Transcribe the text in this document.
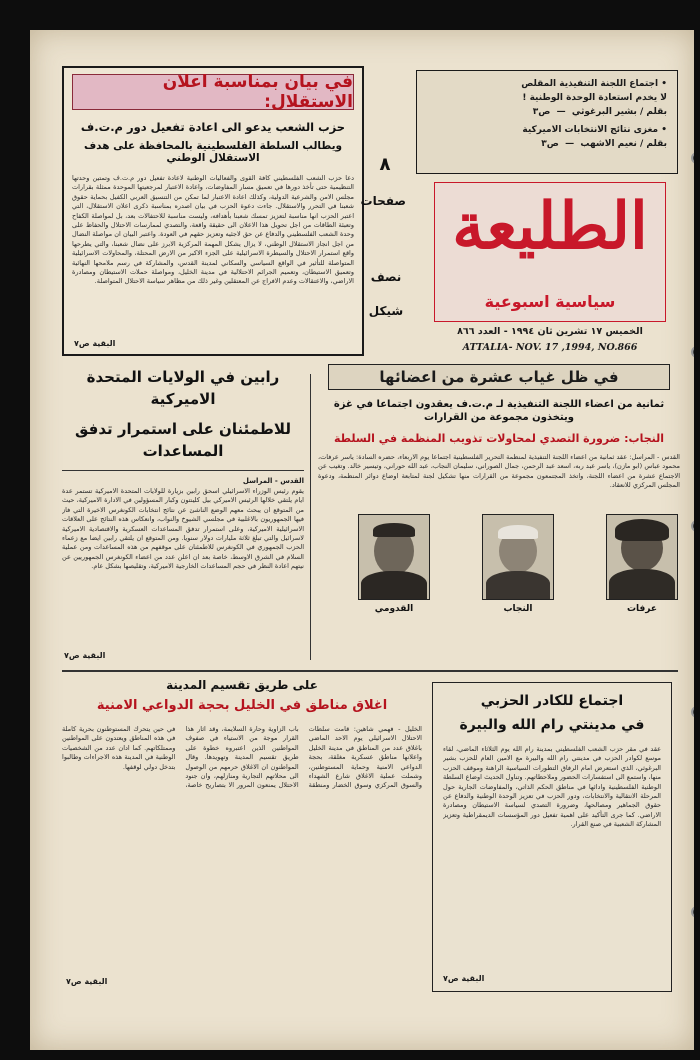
في بيان بمناسبة اعلان الاستقلال:
حزب الشعب يدعو الى اعادة تفعيل دور م.ت.ف
ويطالب السلطة الفلسطينية بالمحافظة على هدف الاستقلال الوطني
دعا حزب الشعب الفلسطيني كافة القوى والفعاليات الوطنية لاعادة تفعيل دور م.ت.ف وتمتين وحدتها التنظيمية حتى تأخذ دورها في تعميق مسار المفاوضات، واعادة الاعتبار لمرجعيتها الموحدة ممثلة بقرارات مجلس الامن والشرعية الدولية، وكذلك اعادة الاعتبار لما تمكن من التنسيق العربي الكفيل بحماية حقوق شعبنا في التحرر والاستقلال. جاءت دعوة الحزب في بيان اصدره بمناسبة ذكرى اعلان الاستقلال، التي اعتبر الحزب انها مناسبة لتعزيز تمسك شعبنا بأهدافه، وليست مناسبة للاحتفالات بعد، بل لمواصلة الكفاح وتعبئة الطاقات من اجل تحويل هذا الاعلان الى حقيقة واقعة، والتصدي لممارسات الاحتلال والحفاظ على وحدة الشعب الفلسطيني والدفاع عن حق لاجئيه وتعزيز حقهم في العودة. واعتبر البيان ان مواصلة النضال من اجل انجاز الاستقلال الوطني، لا يزال يشكل المهمة المركزية الابرز على نضال شعبنا، والتي يطرحها واقع استمرار الاحتلال والسيطرة الاسرائيلية على الجزء الاكبر من الارض المحتلة، والمحاولات الاسرائيلية المتواصلة للتأثير في الواقع السياسي والسكاني لمدينة القدس، والمشاركة في رسم ملامحها النهائية وتعميق الاستيطان، وتعميم الجرائم الاحتلالية في مدينة الخليل، ومواصلة حملات الاستيطان ومصادرة الاراضي، والاعتقالات وعدم الافراج عن المعتقلين وغير ذلك من مظاهر سياسة الاحتلال المتواصلة.
البقية ص٧
٨
صفحات
نصف
شيكل
• اجتماع اللجنة التنفيذية المقلص
لا يخدم استعادة الوحدة الوطنية !
بقلم / بشير البرغوثي  —  ص٣
• مغزى نتائج الانتخابات الاميركية
بقلم / نعيم الاشهب  —  ص٣
الطليعة
سياسية اسبوعية
الخميس ١٧ تشرين ثان ١٩٩٤ - العدد ٨٦٦
ATTALIA- NOV. 17 ,1994, NO.866
رابين في الولايات المتحدة الاميركية
للاطمئنان على استمرار تدفق المساعدات
القدس - المراسل
يقوم رئيس الوزراء الاسرائيلي اسحق رابين بزيارة للولايات المتحدة الاميركية تستمر عدة ايام يلتقي خلالها الرئيس الاميركي بيل كلينتون وكبار المسؤولين في الادارة الاميركية، حيث من المتوقع ان يبحث معهم الوضع الناشئ عن نتائج انتخابات الكونغرس الاخيرة التي فاز فيها الجمهوريون بالاغلبية في مجلسي الشيوخ والنواب، وانعكاس هذه النتائج على العلاقات الاسرائيلية الاميركية، وعلى استمرار تدفق المساعدات العسكرية والاقتصادية الاميركية لاسرائيل والتي تبلغ ثلاثة مليارات دولار سنويا. ومن المتوقع ان يلتقي رابين ايضا مع زعماء الحزب الجمهوري في الكونغرس للاطمئنان على موقفهم من هذه المساعدات ومن عملية السلام في الشرق الاوسط، خاصة بعد ان اعلن عدد من اعضاء الكونغرس الجمهوريين عن نيتهم اعادة النظر في حجم المساعدات الخارجية الاميركية، وتقليصها بشكل عام.
البقية ص٧
في ظل غياب عشرة من اعضائها
ثمانية من اعضاء اللجنة التنفيذية لـ م.ت.ف يعقدون اجتماعا في غزة ويتخذون مجموعة من القرارات
النجاب: ضرورة التصدي لمحاولات تذويب المنظمة في السلطة
القدس - المراسل: عقد ثمانية من اعضاء اللجنة التنفيذية لمنظمة التحرير الفلسطينية اجتماعا يوم الاربعاء، حضره السادة: ياسر عرفات، محمود عباس (ابو مازن)، ياسر عبد ربه، اسعد عبد الرحمن، جمال الصوراني، سليمان النجاب، عبد الله حوراني، وتيسير خالد. وتغيب عن الاجتماع عشرة من اعضاء اللجنة، واتخذ المجتمعون مجموعة من القرارات منها تشكيل لجنة لمتابعة اوضاع دوائر المنظمة، ودعوة المجلس المركزي للانعقاد.
عرفات
النجاب
القدومي
على طريق تقسيم المدينة
اغلاق مناطق في الخليل بحجة الدواعي الامنية
الخليل - فهمي شاهين: قامت سلطات الاحتلال الاسرائيلي يوم الاحد الماضي باغلاق عدد من المناطق في مدينة الخليل واعلانها مناطق عسكرية مغلقة، بحجة الدواعي الامنية وحماية المستوطنين، وشملت عملية الاغلاق شارع الشهداء والسوق المركزي وسوق الخضار ومنطقة باب الزاوية وحارة السلايمة، وقد اثار هذا القرار موجة من الاستياء في صفوف المواطنين الذين اعتبروه خطوة على طريق تقسيم المدينة وتهويدها. وقال المواطنون ان الاغلاق حرمهم من الوصول الى محلاتهم التجارية ومنازلهم، وان جنود الاحتلال يمنعون المرور الا بتصاريح خاصة، في حين يتحرك المستوطنون بحرية كاملة في هذه المناطق ويعتدون على المواطنين وممتلكاتهم. كما ادان عدد من الشخصيات الوطنية في المدينة هذه الاجراءات وطالبوا بتدخل دولي لوقفها.
البقية ص٧
اجتماع للكادر الحزبي
في مدينتي رام الله والبيرة
عقد في مقر حزب الشعب الفلسطيني بمدينة رام الله يوم الثلاثاء الماضي، لقاء موسع لكوادر الحزب في مدينتي رام الله والبيرة مع الامين العام للحزب بشير البرغوثي، الذي استعرض امام الرفاق التطورات السياسية الراهنة وموقف الحزب منها، واستمع الى استفسارات الحضور وملاحظاتهم. وتناول الحديث اوضاع السلطة الوطنية الفلسطينية وادائها في مناطق الحكم الذاتي، والمفاوضات الجارية حول المرحلة الانتقالية والانتخابات، ودور الحزب في تعزيز الوحدة الوطنية والدفاع عن حقوق الجماهير ومصالحها، وضرورة التصدي لسياسة الاستيطان ومصادرة الاراضي. كما جرى التأكيد على اهمية تفعيل دور المؤسسات الديمقراطية وتعزيز المشاركة الشعبية في صنع القرار.
البقية ص٧
